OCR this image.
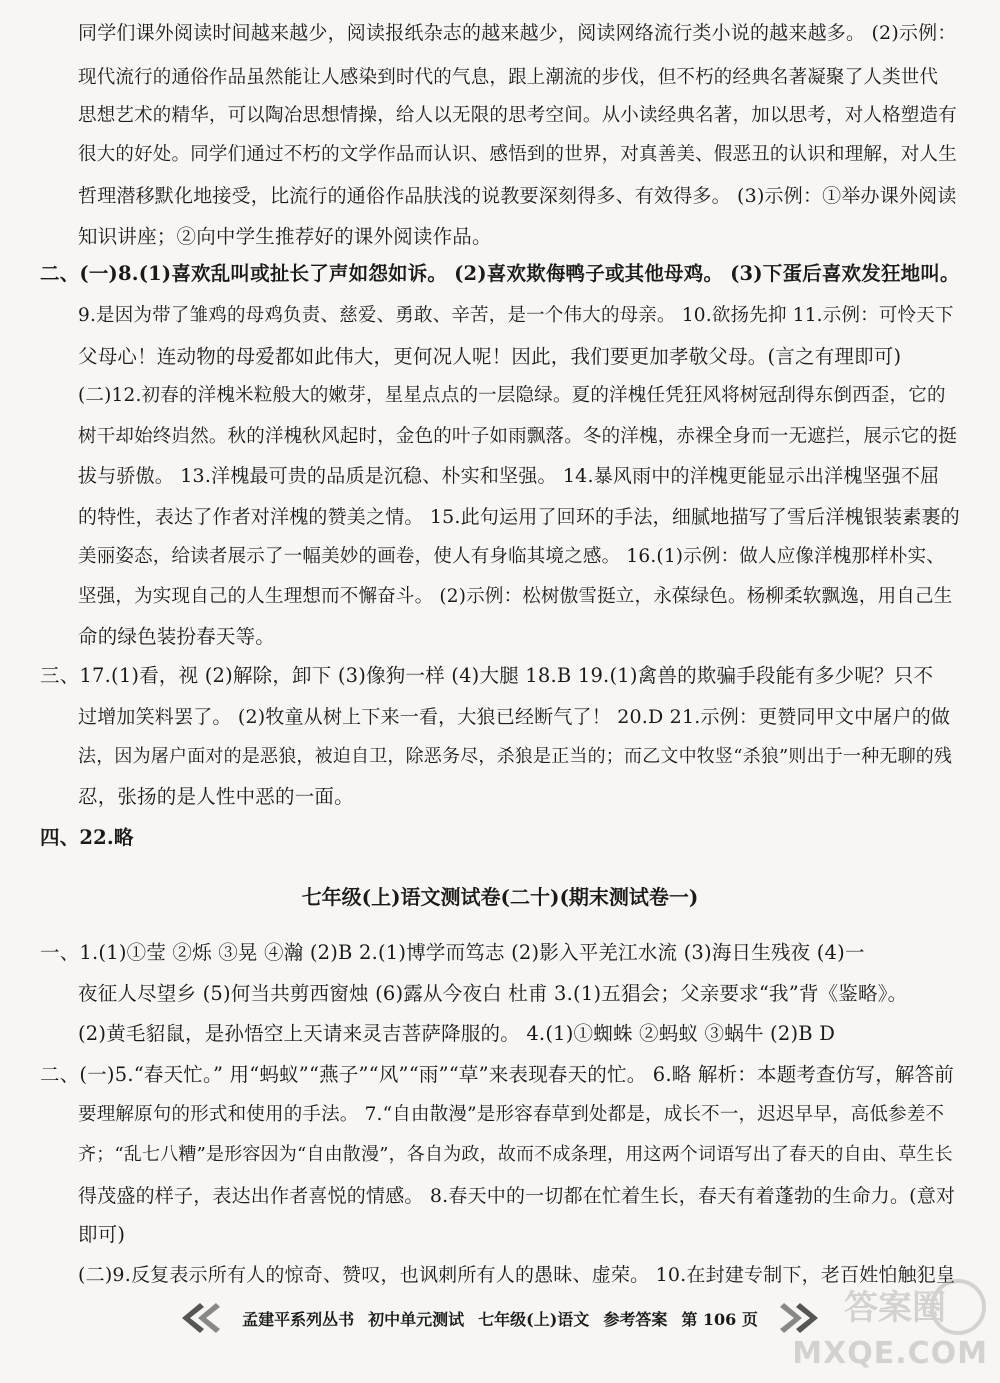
同学们课外阅读时间越来越少，阅读报纸杂志的越来越少，阅读网络流行类小说的越来越多。 (2)示例：
现代流行的通俗作品虽然能让人感染到时代的气息，跟上潮流的步伐，但不朽的经典名著凝聚了人类世代
思想艺术的精华，可以陶冶思想情操，给人以无限的思考空间。从小读经典名著，加以思考，对人格塑造有
很大的好处。同学们通过不朽的文学作品而认识、感悟到的世界，对真善美、假恶丑的认识和理解，对人生
哲理潜移默化地接受，比流行的通俗作品肤浅的说教要深刻得多、有效得多。 (3)示例：①举办课外阅读
知识讲座；②向中学生推荐好的课外阅读作品。
二、(一)8.(1)喜欢乱叫或扯长了声如怨如诉。 (2)喜欢欺侮鸭子或其他母鸡。 (3)下蛋后喜欢发狂地叫。
9.是因为带了雏鸡的母鸡负责、慈爱、勇敢、辛苦，是一个伟大的母亲。 10.欲扬先抑 11.示例：可怜天下
父母心！连动物的母爱都如此伟大，更何况人呢！因此，我们要更加孝敬父母。(言之有理即可)
(二)12.初春的洋槐米粒般大的嫩芽，星星点点的一层隐绿。夏的洋槐任凭狂风将树冠刮得东倒西歪，它的
树干却始终岿然。秋的洋槐秋风起时，金色的叶子如雨飘落。冬的洋槐，赤裸全身而一无遮拦，展示它的挺
拔与骄傲。 13.洋槐最可贵的品质是沉稳、朴实和坚强。 14.暴风雨中的洋槐更能显示出洋槐坚强不屈
的特性，表达了作者对洋槐的赞美之情。 15.此句运用了回环的手法，细腻地描写了雪后洋槐银装素裹的
美丽姿态，给读者展示了一幅美妙的画卷，使人有身临其境之感。 16.(1)示例：做人应像洋槐那样朴实、
坚强，为实现自己的人生理想而不懈奋斗。 (2)示例：松树傲雪挺立，永葆绿色。杨柳柔软飘逸，用自己生
命的绿色装扮春天等。
三、17.(1)看，视 (2)解除，卸下 (3)像狗一样 (4)大腿 18.B 19.(1)禽兽的欺骗手段能有多少呢？只不
过增加笑料罢了。 (2)牧童从树上下来一看，大狼已经断气了！ 20.D 21.示例：更赞同甲文中屠户的做
法，因为屠户面对的是恶狼，被迫自卫，除恶务尽，杀狼是正当的；而乙文中牧竖“杀狼”则出于一种无聊的残
忍，张扬的是人性中恶的一面。
四、22.略
七年级(上)语文测试卷(二十)(期末测试卷一)
一、1.(1)①莹 ②烁 ③晃 ④瀚 (2)B 2.(1)博学而笃志 (2)影入平羌江水流 (3)海日生残夜 (4)一
夜征人尽望乡 (5)何当共剪西窗烛 (6)露从今夜白 杜甫 3.(1)五猖会；父亲要求“我”背《鉴略》。
(2)黄毛貂鼠，是孙悟空上天请来灵吉菩萨降服的。 4.(1)①蜘蛛 ②蚂蚁 ③蜗牛 (2)B D
二、(一)5.“春天忙。” 用“蚂蚁”“燕子”“风”“雨”“草”来表现春天的忙。 6.略 解析：本题考查仿写，解答前
要理解原句的形式和使用的手法。 7.“自由散漫”是形容春草到处都是，成长不一，迟迟早早，高低参差不
齐；“乱七八糟”是形容因为“自由散漫”，各自为政，故而不成条理，用这两个词语写出了春天的自由、草生长
得茂盛的样子，表达出作者喜悦的情感。 8.春天中的一切都在忙着生长，春天有着蓬勃的生命力。(意对
即可)
(二)9.反复表示所有人的惊奇、赞叹，也讽刺所有人的愚昧、虚荣。 10.在封建专制下，老百姓怕触犯皇
孟建平系列丛书 初中单元测试 七年级(上)语文 参考答案 第 106 页	答案圈
MXQE.COM
